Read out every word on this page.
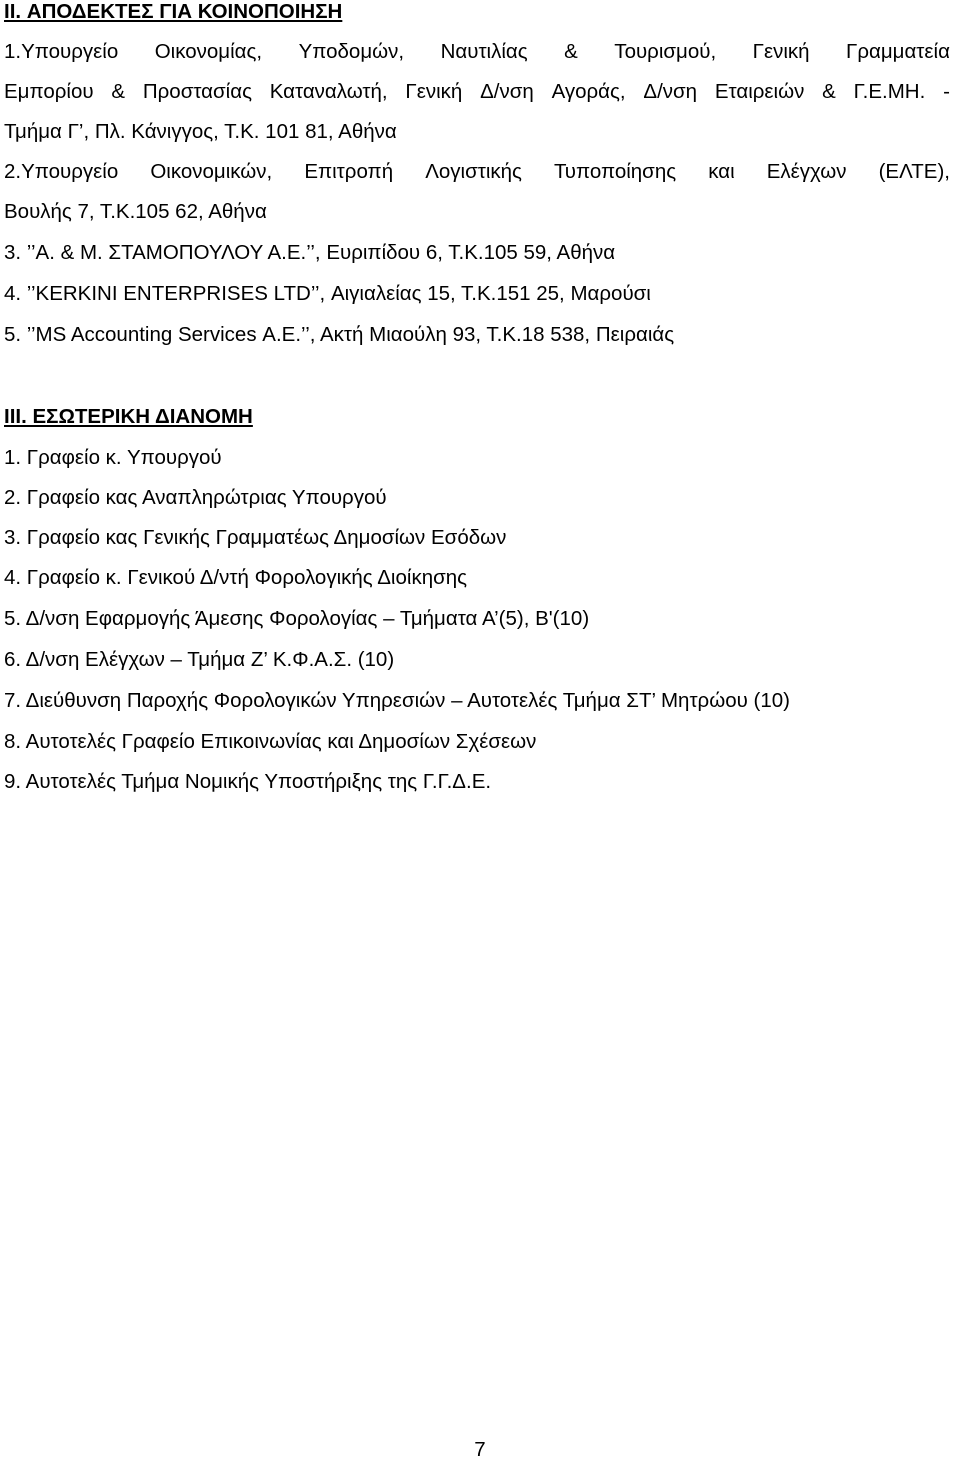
II. ΑΠΟΔΕΚΤΕΣ ΓΙΑ ΚΟΙΝΟΠΟΙΗΣΗ
1.Υπουργείο Οικονομίας, Υποδομών, Ναυτιλίας & Τουρισμού, Γενική Γραμματεία
Εμπορίου & Προστασίας Καταναλωτή, Γενική Δ/νση Αγοράς, Δ/νση Εταιρειών & Γ.Ε.ΜΗ. -
Τμήμα Γ’, Πλ. Κάνιγγος, Τ.Κ. 101 81, Αθήνα
2.Υπουργείο Οικονομικών, Επιτροπή Λογιστικής Τυποποίησης και Ελέγχων (ΕΛΤΕ),
Βουλής 7, Τ.Κ.105 62, Αθήνα
3. ’’Α. & Μ. ΣΤΑΜΟΠΟΥΛΟΥ Α.Ε.’’, Ευριπίδου 6, Τ.Κ.105 59, Αθήνα
4. ’’KERKINI ENTERPRISES LTD’’, Αιγιαλείας 15, Τ.Κ.151 25, Μαρούσι
5. ’’MS Accounting Services Α.Ε.’’, Ακτή Μιαούλη 93, Τ.Κ.18 538, Πειραιάς
III. ΕΣΩΤΕΡΙΚΗ ΔΙΑΝΟΜΗ
1. Γραφείο κ. Υπουργού
2. Γραφείο κας Αναπληρώτριας Υπουργού
3. Γραφείο κας Γενικής Γραμματέως Δημοσίων Εσόδων
4. Γραφείο κ. Γενικού Δ/ντή Φορολογικής Διοίκησης
5. Δ/νση Εφαρμογής Άμεσης Φορολογίας – Τμήματα Α’(5), Β'(10)
6. Δ/νση Ελέγχων – Τμήμα Ζ’ Κ.Φ.Α.Σ. (10)
7. Διεύθυνση Παροχής Φορολογικών Υπηρεσιών – Αυτοτελές Τμήμα ΣΤ’ Μητρώου (10)
8. Αυτοτελές Γραφείο Επικοινωνίας και Δημοσίων Σχέσεων
9. Αυτοτελές Τμήμα Νομικής Υποστήριξης της Γ.Γ.Δ.Ε.
7
